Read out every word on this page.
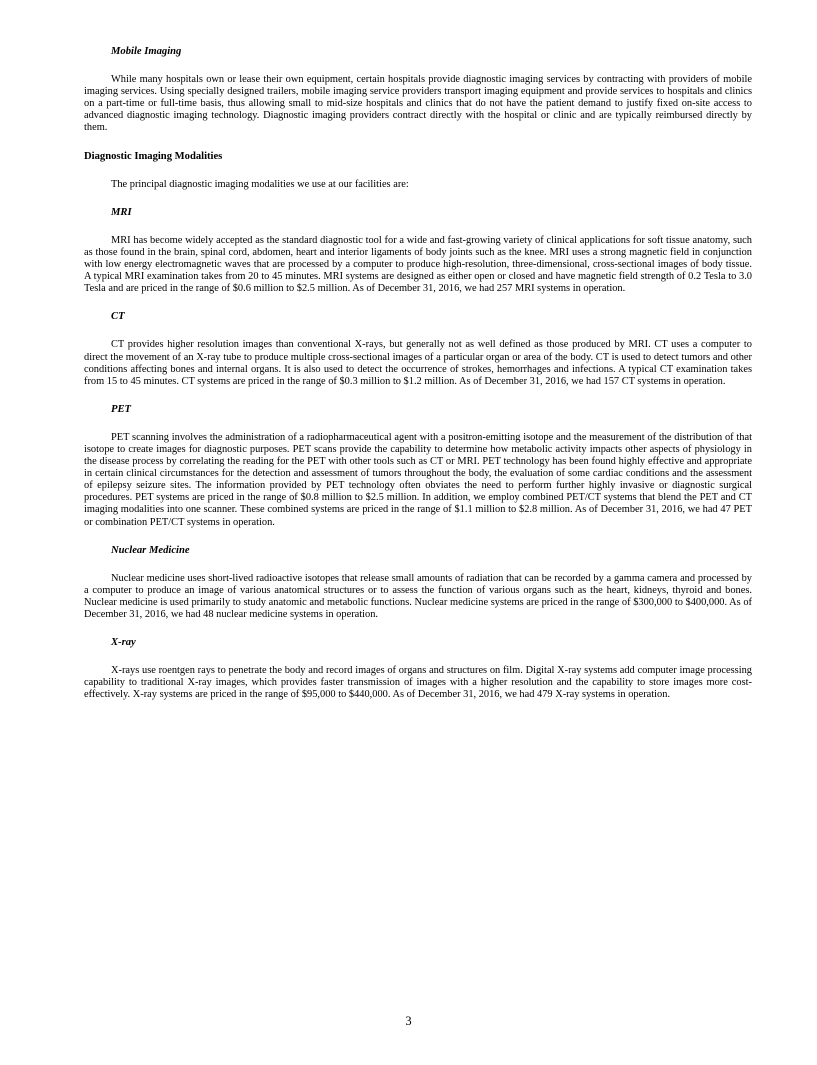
Mobile Imaging

While many hospitals own or lease their own equipment, certain hospitals provide diagnostic imaging services by contracting with providers of mobile imaging services. Using specially designed trailers, mobile imaging service providers transport imaging equipment and provide services to hospitals and clinics on a part-time or full-time basis, thus allowing small to mid-size hospitals and clinics that do not have the patient demand to justify fixed on-site access to advanced diagnostic imaging technology. Diagnostic imaging providers contract directly with the hospital or clinic and are typically reimbursed directly by them.

Diagnostic Imaging Modalities

The principal diagnostic imaging modalities we use at our facilities are:

MRI

MRI has become widely accepted as the standard diagnostic tool for a wide and fast-growing variety of clinical applications for soft tissue anatomy, such as those found in the brain, spinal cord, abdomen, heart and interior ligaments of body joints such as the knee. MRI uses a strong magnetic field in conjunction with low energy electromagnetic waves that are processed by a computer to produce high-resolution, three-dimensional, cross-sectional images of body tissue. A typical MRI examination takes from 20 to 45 minutes. MRI systems are designed as either open or closed and have magnetic field strength of 0.2 Tesla to 3.0 Tesla and are priced in the range of $0.6 million to $2.5 million. As of December 31, 2016, we had 257 MRI systems in operation.

CT

CT provides higher resolution images than conventional X-rays, but generally not as well defined as those produced by MRI. CT uses a computer to direct the movement of an X-ray tube to produce multiple cross-sectional images of a particular organ or area of the body. CT is used to detect tumors and other conditions affecting bones and internal organs. It is also used to detect the occurrence of strokes, hemorrhages and infections. A typical CT examination takes from 15 to 45 minutes. CT systems are priced in the range of $0.3 million to $1.2 million. As of December 31, 2016, we had 157 CT systems in operation.

PET

PET scanning involves the administration of a radiopharmaceutical agent with a positron-emitting isotope and the measurement of the distribution of that isotope to create images for diagnostic purposes. PET scans provide the capability to determine how metabolic activity impacts other aspects of physiology in the disease process by correlating the reading for the PET with other tools such as CT or MRI. PET technology has been found highly effective and appropriate in certain clinical circumstances for the detection and assessment of tumors throughout the body, the evaluation of some cardiac conditions and the assessment of epilepsy seizure sites. The information provided by PET technology often obviates the need to perform further highly invasive or diagnostic surgical procedures. PET systems are priced in the range of $0.8 million to $2.5 million. In addition, we employ combined PET/CT systems that blend the PET and CT imaging modalities into one scanner. These combined systems are priced in the range of $1.1 million to $2.8 million. As of December 31, 2016, we had 47 PET or combination PET/CT systems in operation.

Nuclear Medicine

Nuclear medicine uses short-lived radioactive isotopes that release small amounts of radiation that can be recorded by a gamma camera and processed by a computer to produce an image of various anatomical structures or to assess the function of various organs such as the heart, kidneys, thyroid and bones. Nuclear medicine is used primarily to study anatomic and metabolic functions. Nuclear medicine systems are priced in the range of $300,000 to $400,000. As of December 31, 2016, we had 48 nuclear medicine systems in operation.

X-ray

X-rays use roentgen rays to penetrate the body and record images of organs and structures on film. Digital X-ray systems add computer image processing capability to traditional X-ray images, which provides faster transmission of images with a higher resolution and the capability to store images more cost-effectively. X-ray systems are priced in the range of $95,000 to $440,000. As of December 31, 2016, we had 479 X-ray systems in operation.

3
